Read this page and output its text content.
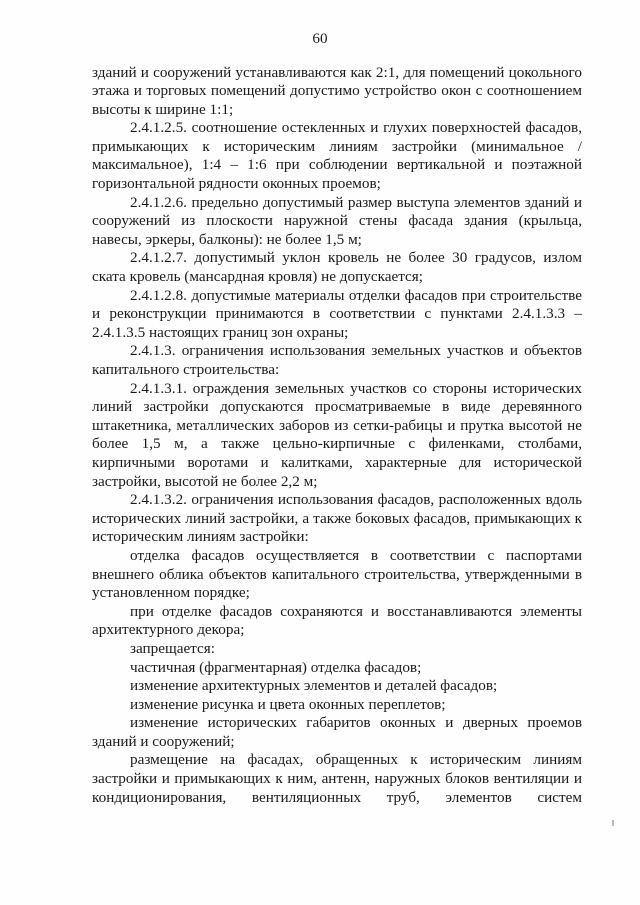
60

зданий и сооружений устанавливаются как 2:1, для помещений цокольного этажа и торговых помещений допустимо устройство окон с соотношением высоты к ширине 1:1;

2.4.1.2.5. соотношение остекленных и глухих поверхностей фасадов, примыкающих к историческим линиям застройки (минимальное / максимальное), 1:4 – 1:6 при соблюдении вертикальной и поэтажной горизонтальной рядности оконных проемов;

2.4.1.2.6. предельно допустимый размер выступа элементов зданий и сооружений из плоскости наружной стены фасада здания (крыльца, навесы, эркеры, балконы): не более 1,5 м;

2.4.1.2.7. допустимый уклон кровель не более 30 градусов, излом ската кровель (мансардная кровля) не допускается;

2.4.1.2.8. допустимые материалы отделки фасадов при строительстве и реконструкции принимаются в соответствии с пунктами 2.4.1.3.3 – 2.4.1.3.5 настоящих границ зон охраны;

2.4.1.3. ограничения использования земельных участков и объектов капитального строительства:

2.4.1.3.1. ограждения земельных участков со стороны исторических линий застройки допускаются просматриваемые в виде деревянного штакетника, металлических заборов из сетки-рабицы и прутка высотой не более 1,5 м, а также цельно-кирпичные с филенками, столбами, кирпичными воротами и калитками, характерные для исторической застройки, высотой не более 2,2 м;

2.4.1.3.2. ограничения использования фасадов, расположенных вдоль исторических линий застройки, а также боковых фасадов, примыкающих к историческим линиям застройки:

отделка фасадов осуществляется в соответствии с паспортами внешнего облика объектов капитального строительства, утвержденными в установленном порядке;

при отделке фасадов сохраняются и восстанавливаются элементы архитектурного декора;

запрещается:

частичная (фрагментарная) отделка фасадов;

изменение архитектурных элементов и деталей фасадов;

изменение рисунка и цвета оконных переплетов;

изменение исторических габаритов оконных и дверных проемов зданий и сооружений;

размещение на фасадах, обращенных к историческим линиям застройки и примыкающих к ним, антенн, наружных блоков вентиляции и кондиционирования, вентиляционных труб, элементов систем
